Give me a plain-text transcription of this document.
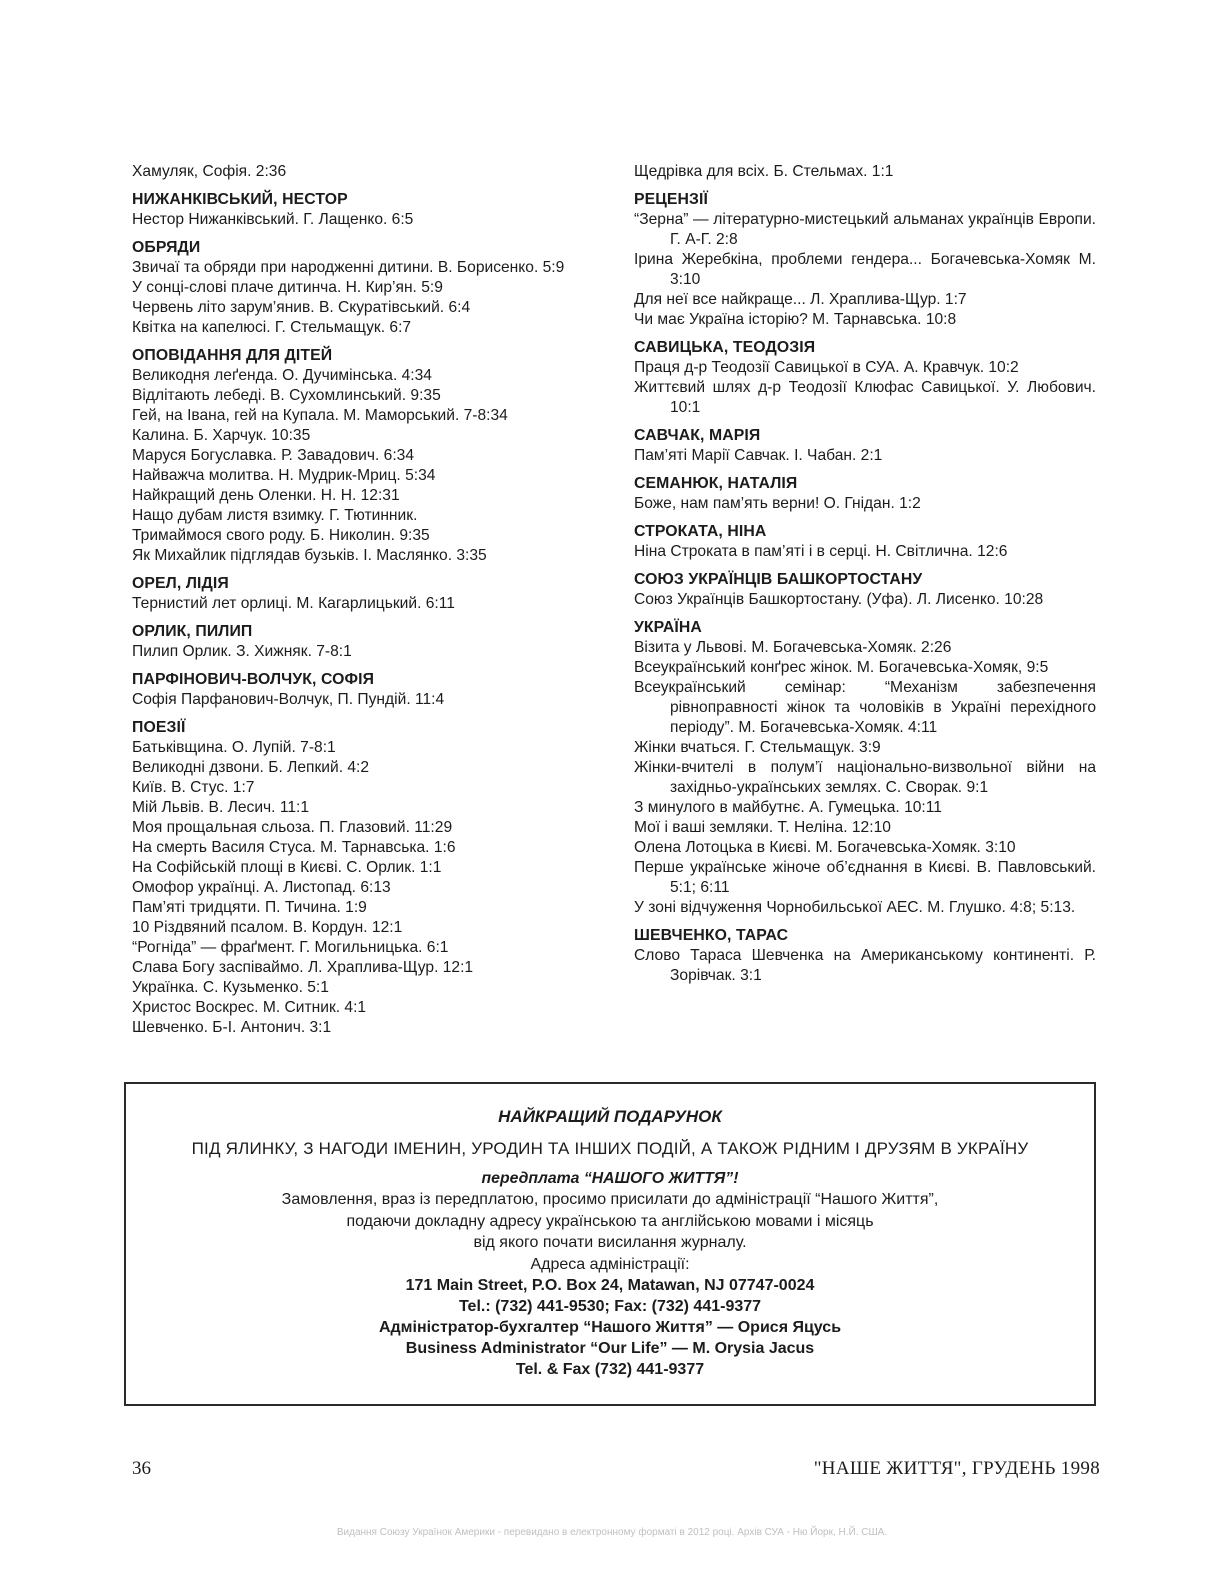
Хамуляк, Софія. 2:36
НИЖАНКІВСЬКИЙ, НЕСТОР
Нестор Нижанківський. Г. Лащенко. 6:5
ОБРЯДИ
Звичаї та обряди при народженні дитини. В. Борисенко. 5:9
У сонці-слові плаче дитинча. Н. Кир’ян. 5:9
Червень літо зарум’янив. В. Скуратівський. 6:4
Квітка на капелюсі. Г. Стельмащук. 6:7
ОПОВІДАННЯ ДЛЯ ДІТЕЙ
Великодня леґенда. О. Дучимінська. 4:34
Відлітають лебеді. В. Сухомлинський. 9:35
Гей, на Івана, гей на Купала. М. Маморський. 7-8:34
Калина. Б. Харчук. 10:35
Маруся Богуславка. Р. Завадович. 6:34
Найважча молитва. Н. Мудрик-Мриц. 5:34
Найкращий день Оленки. Н. Н. 12:31
Нащо дубам листя взимку. Г. Тютинник.
Тримаймося свого роду. Б. Николин. 9:35
Як Михайлик підглядав бузьків. І. Маслянко. 3:35
ОРЕЛ, ЛІДІЯ
Тернистий лет орлиці. М. Кагарлицький. 6:11
ОРЛИК, ПИЛИП
Пилип Орлик. З. Хижняк. 7-8:1
ПАРФІНОВИЧ-ВОЛЧУК, СОФІЯ
Софія Парфанович-Волчук, П. Пундій. 11:4
ПОЕЗІЇ
Батьківщина. О. Лупій. 7-8:1
Великодні дзвони. Б. Лепкий. 4:2
Київ. В. Стус. 1:7
Мій Львів. В. Лесич. 11:1
Моя прощальная сльоза. П. Глазовий. 11:29
На смерть Василя Стуса. М. Тарнавська. 1:6
На Софійській площі в Києві. С. Орлик. 1:1
Омофор українці. А. Листопад. 6:13
Пам’яті тридцяти. П. Тичина. 1:9
10 Різдвяний псалом. В. Кордун. 12:1
“Рогніда” — фраґмент. Г. Могильницька. 6:1
Слава Богу заспіваймо. Л. Храплива-Щур. 12:1
Українка. С. Кузьменко. 5:1
Христос Воскрес. М. Ситник. 4:1
Шевченко. Б-І. Антонич. 3:1
Щедрівка для всіх. Б. Стельмах. 1:1
РЕЦЕНЗІЇ
“Зерна” — літературно-мистецький альманах українців Европи. Г. А-Г. 2:8
Ірина Жеребкіна, проблеми гендера... Богачевська-Хомяк М. 3:10
Для неї все найкраще... Л. Храплива-Щур. 1:7
Чи має Україна історію? М. Тарнавська. 10:8
САВИЦЬКА, ТЕОДОЗІЯ
Праця д-р Теодозії Савицької в СУА. А. Кравчук. 10:2
Життєвий шлях д-р Теодозії Клюфас Савицької. У. Любович. 10:1
САВЧАК, МАРІЯ
Пам’яті Марії Савчак. І. Чабан. 2:1
СЕМАНЮК, НАТАЛІЯ
Боже, нам пам’ять верни! О. Гнідан. 1:2
СТРОКАТА, НІНА
Ніна Строката в пам’яті і в серці. Н. Світлична. 12:6
СОЮЗ УКРАЇНЦІВ БАШКОРТОСТАНУ
Союз Українців Башкортостану. (Уфа). Л. Лисенко. 10:28
УКРАЇНА
Візита у Львові. М. Богачевська-Хомяк. 2:26
Всеукраїнський конґрес жінок. М. Богачевська-Хомяк, 9:5
Всеукраїнський семінар: “Механізм забезпечення рівноправності жінок та чоловіків в Україні перехідного періоду”. М. Богачевська-Хомяк. 4:11
Жінки вчаться. Г. Стельмащук. 3:9
Жінки-вчителі в полум’ї національно-визвольної війни на західньо-українських землях. С. Сворак. 9:1
З минулого в майбутнє. А. Гумецька. 10:11
Мої і ваші земляки. Т. Неліна. 12:10
Олена Лотоцька в Києві. М. Богачевська-Хомяк. 3:10
Перше українське жіноче об’єднання в Києві. В. Павловський. 5:1; 6:11
У зоні відчуження Чорнобильської АЕС. М. Глушко. 4:8; 5:13.
ШЕВЧЕНКО, ТАРАС
Слово Тараса Шевченка на Американському континенті. Р. Зорівчак. 3:1
НАЙКРАЩИЙ ПОДАРУНОК
ПІД ЯЛИНКУ, З НАГОДИ ІМЕНИН, УРОДИН ТА ІНШИХ ПОДІЙ, А ТАКОЖ РІДНИМ І ДРУЗЯМ В УКРАЇНУ
передплата “НАШОГО ЖИТТЯ”!
Замовлення, враз із передплатою, просимо присилати до адміністрації “Нашого Життя”,
подаючи докладну адресу українською та англійською мовами і місяць
від якого почати висилання журналу.
Адреса адміністрації:
171 Main Street, P.O. Box 24, Matawan, NJ 07747-0024
Tel.: (732) 441-9530; Fax: (732) 441-9377
Адміністратор-бухгалтер “Нашого Життя” — Орися Яцусь
Business Administrator “Our Life” — M. Orysia Jacus
Tel. & Fax (732) 441-9377
36	"НАШЕ ЖИТТЯ", ГРУДЕНЬ 1998
Видання Союзу Українок Америки - перевидано в електронному форматі в 2012 році. Архів СУА - Ню Йорк, Н.Й. США.
